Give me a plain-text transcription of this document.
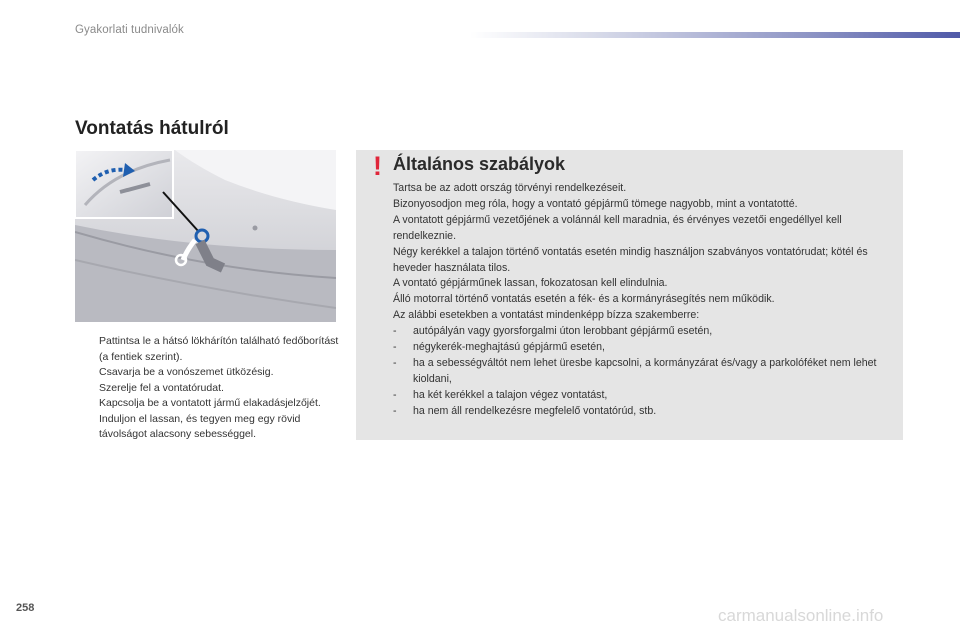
Gyakorlati tudnivalók
Vontatás hátulról
Pattintsa le a hátsó lökhárítón található fedőborítást (a fentiek szerint).
Csavarja be a vonószemet ütközésig.
Szerelje fel a vontatórudat.
Kapcsolja be a vontatott jármű elakadásjelzőjét.
Induljon el lassan, és tegyen meg egy rövid távolságot alacsony sebességgel.
! Általános szabályok

Tartsa be az adott ország törvényi rendelkezéseit.

Bizonyosodjon meg róla, hogy a vontató gépjármű tömege nagyobb, mint a vontatotté.

A vontatott gépjármű vezetőjének a volánnál kell maradnia, és érvényes vezetői engedéllyel kell rendelkeznie.

Négy kerékkel a talajon történő vontatás esetén mindig használjon szabványos vontatórudat; kötél és heveder használata tilos.

A vontató gépjárműnek lassan, fokozatosan kell elindulnia.

Álló motorral történő vontatás esetén a fék- és a kormányrásegítés nem működik.

Az alábbi esetekben a vontatást mindenképp bízza szakemberre:

- autópályán vagy gyorsforgalmi úton lerobbant gépjármű esetén,
- négykerék-meghajtású gépjármű esetén,
- ha a sebességváltót nem lehet üresbe kapcsolni, a kormányzárat és/vagy a parkolóféket nem lehet kioldani,
- ha két kerékkel a talajon végez vontatást,
- ha nem áll rendelkezésre megfelelő vontatórúd, stb.
258	carmanualsonline.info
